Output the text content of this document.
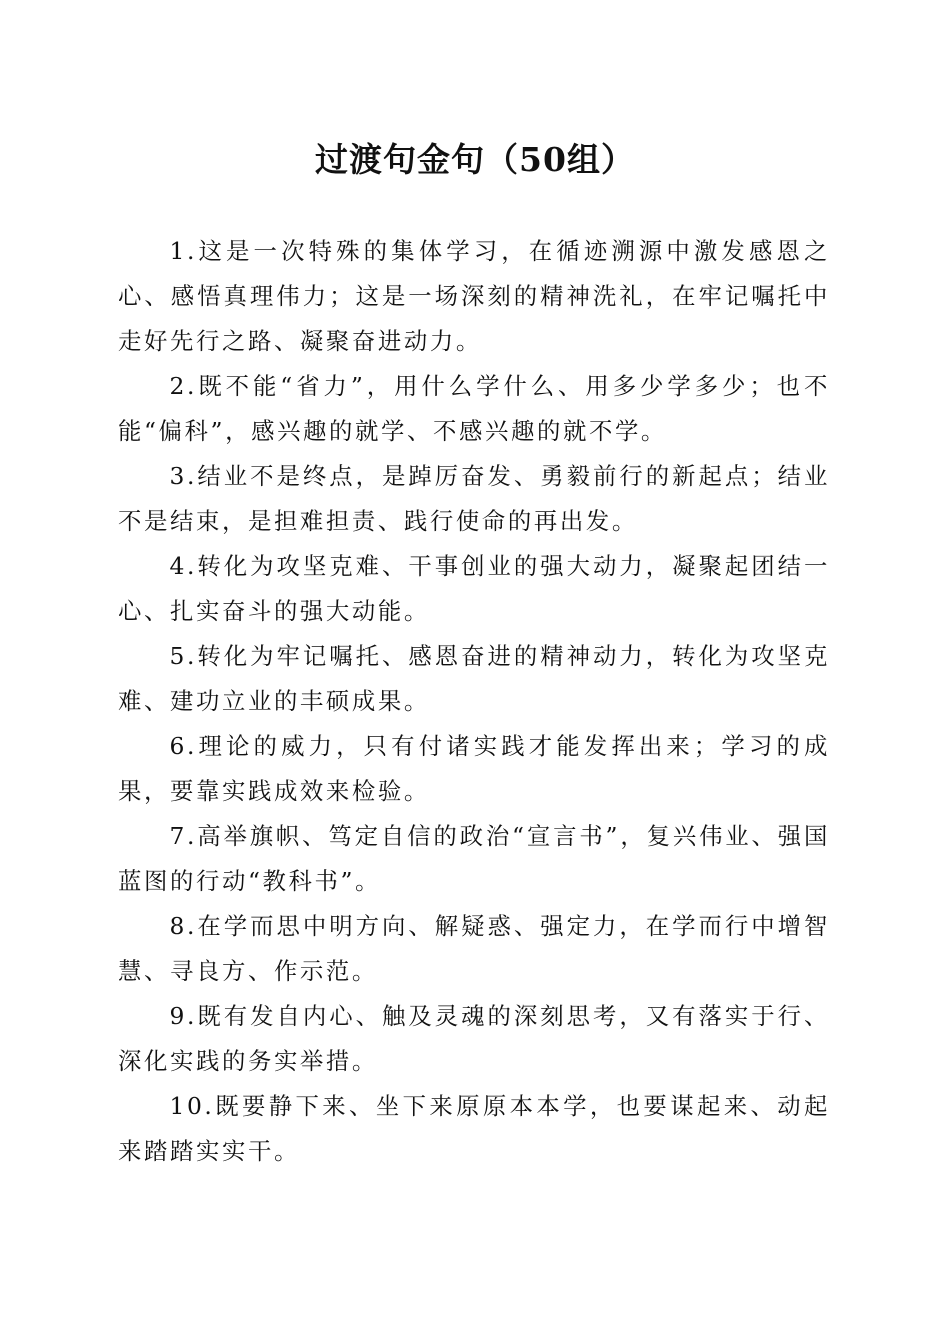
过渡句金句（50组）

1.这是一次特殊的集体学习，在循迹溯源中激发感恩之心、感悟真理伟力；这是一场深刻的精神洗礼，在牢记嘱托中走好先行之路、凝聚奋进动力。

2.既不能“省力”，用什么学什么、用多少学多少；也不能“偏科”，感兴趣的就学、不感兴趣的就不学。

3.结业不是终点，是踔厉奋发、勇毅前行的新起点；结业不是结束，是担难担责、践行使命的再出发。

4.转化为攻坚克难、干事创业的强大动力，凝聚起团结一心、扎实奋斗的强大动能。

5.转化为牢记嘱托、感恩奋进的精神动力，转化为攻坚克难、建功立业的丰硕成果。

6.理论的威力，只有付诸实践才能发挥出来；学习的成果，要靠实践成效来检验。

7.高举旗帜、笃定自信的政治“宣言书”，复兴伟业、强国蓝图的行动“教科书”。

8.在学而思中明方向、解疑惑、强定力，在学而行中增智慧、寻良方、作示范。

9.既有发自内心、触及灵魂的深刻思考，又有落实于行、深化实践的务实举措。

10.既要静下来、坐下来原原本本学，也要谋起来、动起来踏踏实实干。
